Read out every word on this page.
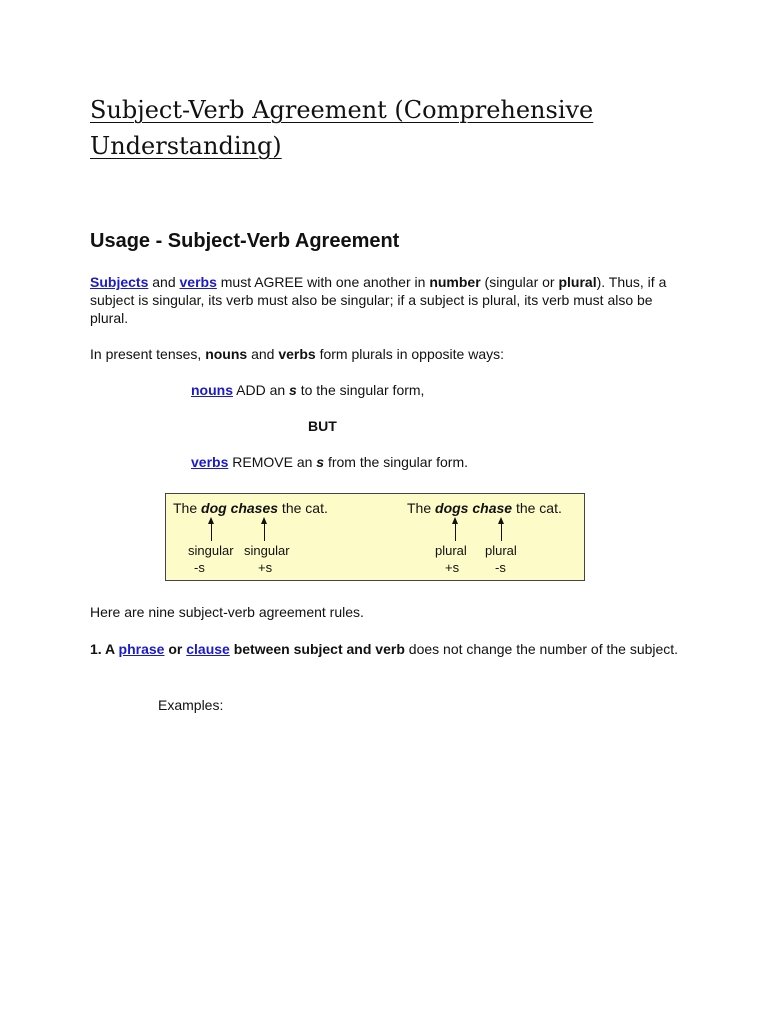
Subject-Verb Agreement (Comprehensive Understanding)
Usage - Subject-Verb Agreement

Subjects and verbs must AGREE with one another in number (singular or plural). Thus, if a subject is singular, its verb must also be singular; if a subject is plural, its verb must also be plural.

In present tenses, nouns and verbs form plurals in opposite ways:

nouns ADD an s to the singular form,

BUT

verbs REMOVE an s from the singular form.

The dog chases the cat.
singular
-s
singular
+s
The dogs chase the cat.
plural
+s
plural
-s

Here are nine subject-verb agreement rules.

1. A phrase or clause between subject and verb does not change the number of the subject.

Examples:
